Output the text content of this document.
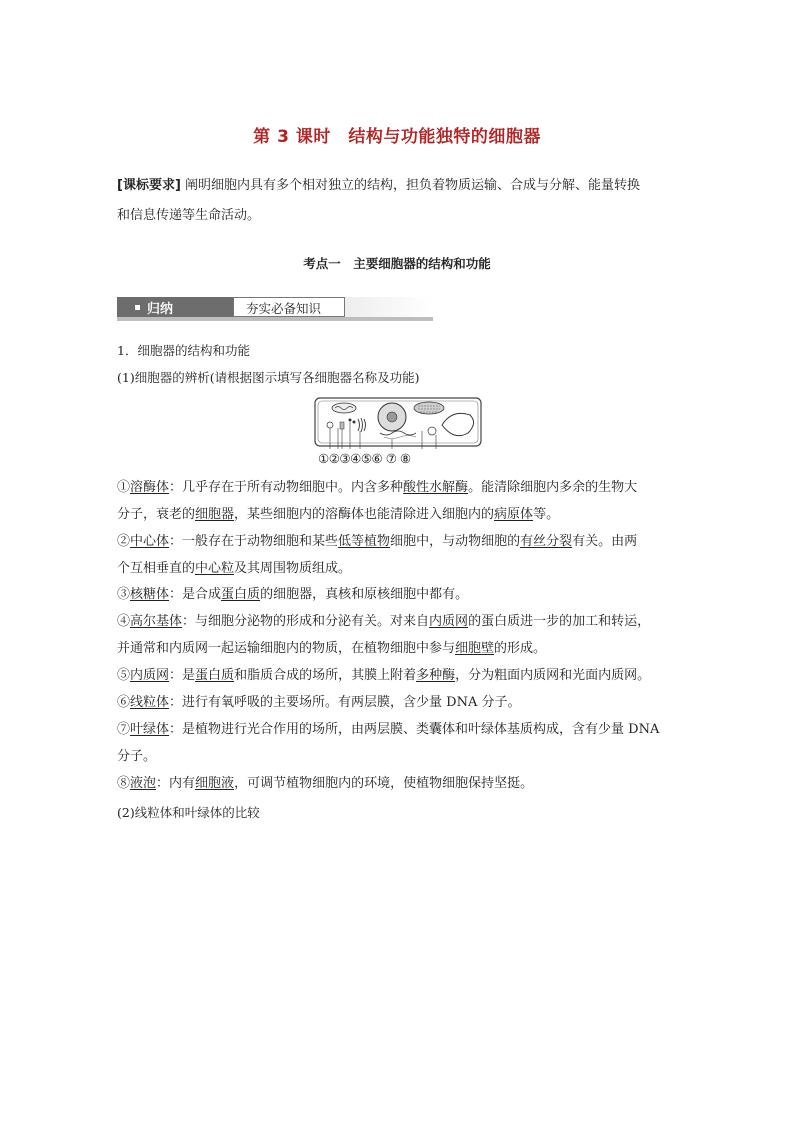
第 3 课时　结构与功能独特的细胞器
[课标要求] 阐明细胞内具有多个相对独立的结构，担负着物质运输、合成与分解、能量转换
和信息传递等生命活动。
考点一　主要细胞器的结构和功能
归纳	夯实必备知识
1．细胞器的结构和功能
(1)细胞器的辨析(请根据图示填写各细胞器名称及功能)
①②③④⑤⑥ ⑦ ⑧
①溶酶体：几乎存在于所有动物细胞中。内含多种酸性水解酶。能清除细胞内多余的生物大
分子，衰老的细胞器，某些细胞内的溶酶体也能清除进入细胞内的病原体等。
②中心体：一般存在于动物细胞和某些低等植物细胞中，与动物细胞的有丝分裂有关。由两
个互相垂直的中心粒及其周围物质组成。
③核糖体：是合成蛋白质的细胞器，真核和原核细胞中都有。
④高尔基体：与细胞分泌物的形成和分泌有关。对来自内质网的蛋白质进一步的加工和转运，
并通常和内质网一起运输细胞内的物质，在植物细胞中参与细胞壁的形成。
⑤内质网：是蛋白质和脂质合成的场所，其膜上附着多种酶，分为粗面内质网和光面内质网。
⑥线粒体：进行有氧呼吸的主要场所。有两层膜，含少量 DNA 分子。
⑦叶绿体：是植物进行光合作用的场所，由两层膜、类囊体和叶绿体基质构成，含有少量 DNA
分子。
⑧液泡：内有细胞液，可调节植物细胞内的环境，使植物细胞保持坚挺。
(2)线粒体和叶绿体的比较
